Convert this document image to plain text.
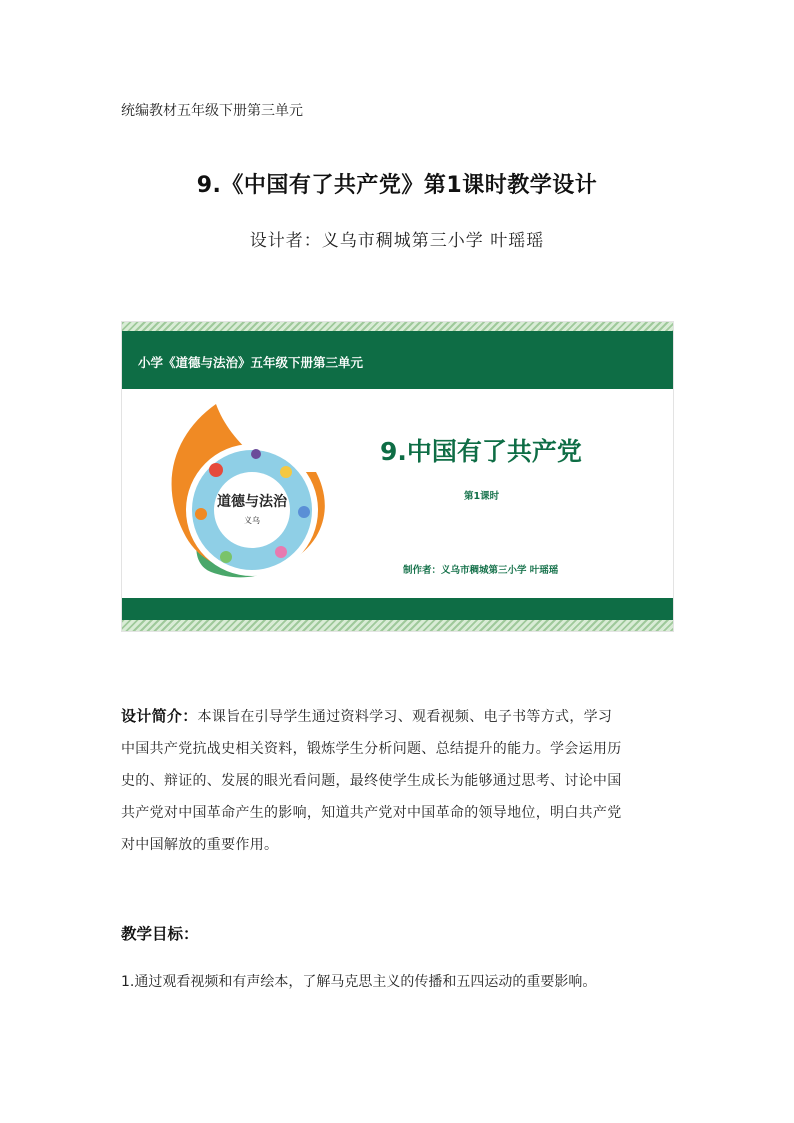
统编教材五年级下册第三单元
9.《中国有了共产党》第1课时教学设计
设计者：义乌市稠城第三小学 叶瑶瑶
小学《道德与法治》五年级下册第三单元
道德与法治
义乌
9.中国有了共产党
第1课时
制作者：义乌市稠城第三小学 叶瑶瑶
设计简介：本课旨在引导学生通过资料学习、观看视频、电子书等方式，学习
中国共产党抗战史相关资料，锻炼学生分析问题、总结提升的能力。学会运用历
史的、辩证的、发展的眼光看问题，最终使学生成长为能够通过思考、讨论中国
共产党对中国革命产生的影响，知道共产党对中国革命的领导地位，明白共产党
对中国解放的重要作用。
教学目标：
1.通过观看视频和有声绘本，了解马克思主义的传播和五四运动的重要影响。
